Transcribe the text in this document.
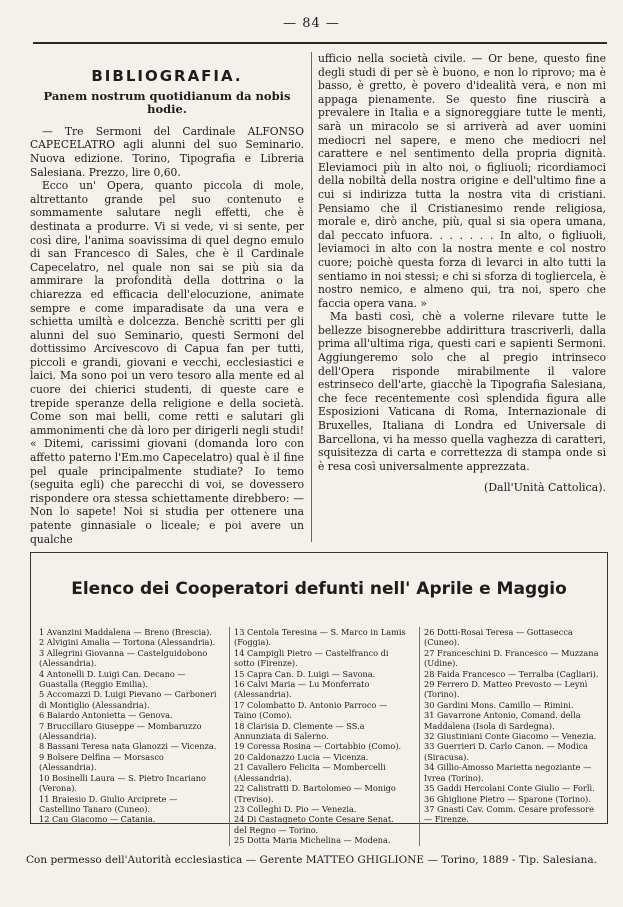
— 84 —
BIBLIOGRAFIA.
Panem nostrum quotidianum da nobis hodie.

— Tre Sermoni del Cardinale ALFONSO CAPECELATRO agli alunni del suo Seminario. Nuova edizione. Torino, Tipografia e Libreria Salesiana. Prezzo, lire 0,60.

Ecco un' Opera, quanto piccola di mole, altrettanto grande pel suo contenuto e sommamente salutare negli effetti, che è destinata a produrre. Vi si vede, vi si sente, per così dire, l'anima soavissima di quel degno emulo di san Francesco di Sales, che è il Cardinale Capecelatro, nel quale non sai se più sia da ammirare la profondità della dottrina o la chiarezza ed efficacia dell'elocuzione, animate sempre e come imparadisate da una vera e schietta umiltà e dolcezza. Benchè scritti per gli alunni del suo Seminario, questi Sermoni del dottissimo Arcivescovo di Capua fan per tutti, piccoli e grandi, giovani e vecchi, ecclesiastici e laici. Ma sono poi un vero tesoro alla mente ed al cuore dei chierici studenti, di queste care e trepide speranze della religione e della società. Come son mai belli, come retti e salutari gli ammonimenti che dà loro per dirigerli negli studi! « Ditemi, carissimi giovani (domanda loro con affetto paterno l'Em.mo Capecelatro) qual è il fine pel quale principalmente studiate? Io temo (seguita egli) che parecchi di voi, se dovessero rispondere ora stessa schiettamente direbbero: — Non lo sapete! Noi si studia per ottenere una patente ginnasiale o liceale; e poi avere un qualche

ufficio nella società civile. — Or bene, questo fine degli studi di per sè è buono, e non lo riprovo; ma è basso, è gretto, è povero d'idealità vera, e non mi appaga pienamente. Se questo fine riuscirà a prevalere in Italia e a signoreggiare tutte le menti, sarà un miracolo se si arriverà ad aver uomini mediocri nel sapere, e meno che mediocri nel carattere e nel sentimento della propria dignità. Eleviamoci più in alto noi, o figliuoli; ricordiamoci della nobiltà della nostra origine e dell'ultimo fine a cui si indirizza tutta la nostra vita di cristiani. Pensiamo che il Cristianesimo rende religiosa, morale e, dirò anche, più, qual si sia opera umana, dal peccato infuora. . . . . . . In alto, o figliuoli, leviamoci in alto con la nostra mente e col nostro cuore; poichè questa forza di levarci in alto tutti la sentiamo in noi stessi; e chi si sforza di togliercela, è nostro nemico, e almeno qui, tra noi, spero che faccia opera vana. »

Ma basti così, chè a volerne rilevare tutte le bellezze bisognerebbe addirittura trascriverli, dalla prima all'ultima riga, questi cari e sapienti Sermoni. Aggiungeremo solo che al pregio intrinseco dell'Opera risponde mirabilmente il valore estrinseco dell'arte, giacchè la Tipografia Salesiana, che fece recentemente così splendida figura alle Esposizioni Vaticana di Roma, Internazionale di Bruxelles, Italiana di Londra ed Universale di Barcellona, vi ha messo quella vaghezza di caratteri, squisitezza di carta e correttezza di stampa onde si è resa così universalmente apprezzata.

(Dall'Unità Cattolica).
Elenco dei Cooperatori defunti nell' Aprile e Maggio
1 Avanzini Maddalena — Breno (Brescia).
2 Alvigini Amalia — Tortona (Alessandria).
3 Allegrini Giovanna — Castelguidobono (Alessandria).
4 Antonelli D. Luigi Can. Decano — Guastalla (Reggio Emilia).
5 Accomazzi D. Luigi Pievano — Carboneri di Montiglio (Alessandria).
6 Baiardo Antonietta — Genova.
7 Bruccillaro Giuseppe — Mombaruzzo (Alessandria).
8 Bassani Teresa nata Glanozzi — Vicenza.
9 Bolsere Delfina — Morsasco (Alessandria).
10 Bosinelli Laura — S. Pietro Incariano (Verona).
11 Braiesio D. Giulio Arciprete — Castellino Tanaro (Cuneo).
12 Cau Giacomo — Catania.
13 Centola Teresina — S. Marco in Lamis (Foggia).
14 Campigli Pietro — Castelfranco di sotto (Firenze).
15 Capra Can. D. Luigi — Savona.
16 Calvi Maria — Lu Monferrato (Alessandria).
17 Colombatto D. Antonio Parroco — Taino (Como).
18 Clarisia D. Clemente — SS.a Annunziata di Salerno.
19 Coressa Rosina — Cortabbio (Como).
20 Caldonazzo Lucia — Vicenza.
21 Cavallero Felicita — Mombercelli (Alessandria).
22 Calistratti D. Bartolomeo — Monigo (Treviso).
23 Colleghi D. Pio — Venezia.
24 Di Castagneto Conte Cesare Senat. del Regno — Torino.
25 Dotta Maria Michelina — Modena.
26 Dotti-Rosai Teresa — Gottasecca (Cuneo).
27 Franceschini D. Francesco — Muzzana (Udine).
28 Faida Francesco — Terralba (Cagliari).
29 Ferrero D. Matteo Prevosto — Leynì (Torino).
30 Gardini Mons. Camillo — Rimini.
31 Gavarrone Antonio, Comand. della Maddalena (Isola di Sardegna).
32 Giustiniani Conte Giacomo — Venezia.
33 Guerrieri D. Carlo Canon. — Modica (Siracusa).
34 Gillio-Amosso Marietta negoziante — Ivrea (Torino).
35 Gaddi Hercolani Conte Giulio — Forlì.
36 Ghiglione Pietro — Sparone (Torino).
37 Gnasti Cav. Comm. Cesare professore — Firenze.
Con permesso dell'Autorità ecclesiastica — Gerente MATTEO GHIGLIONE — Torino, 1889 - Tip. Salesiana.
